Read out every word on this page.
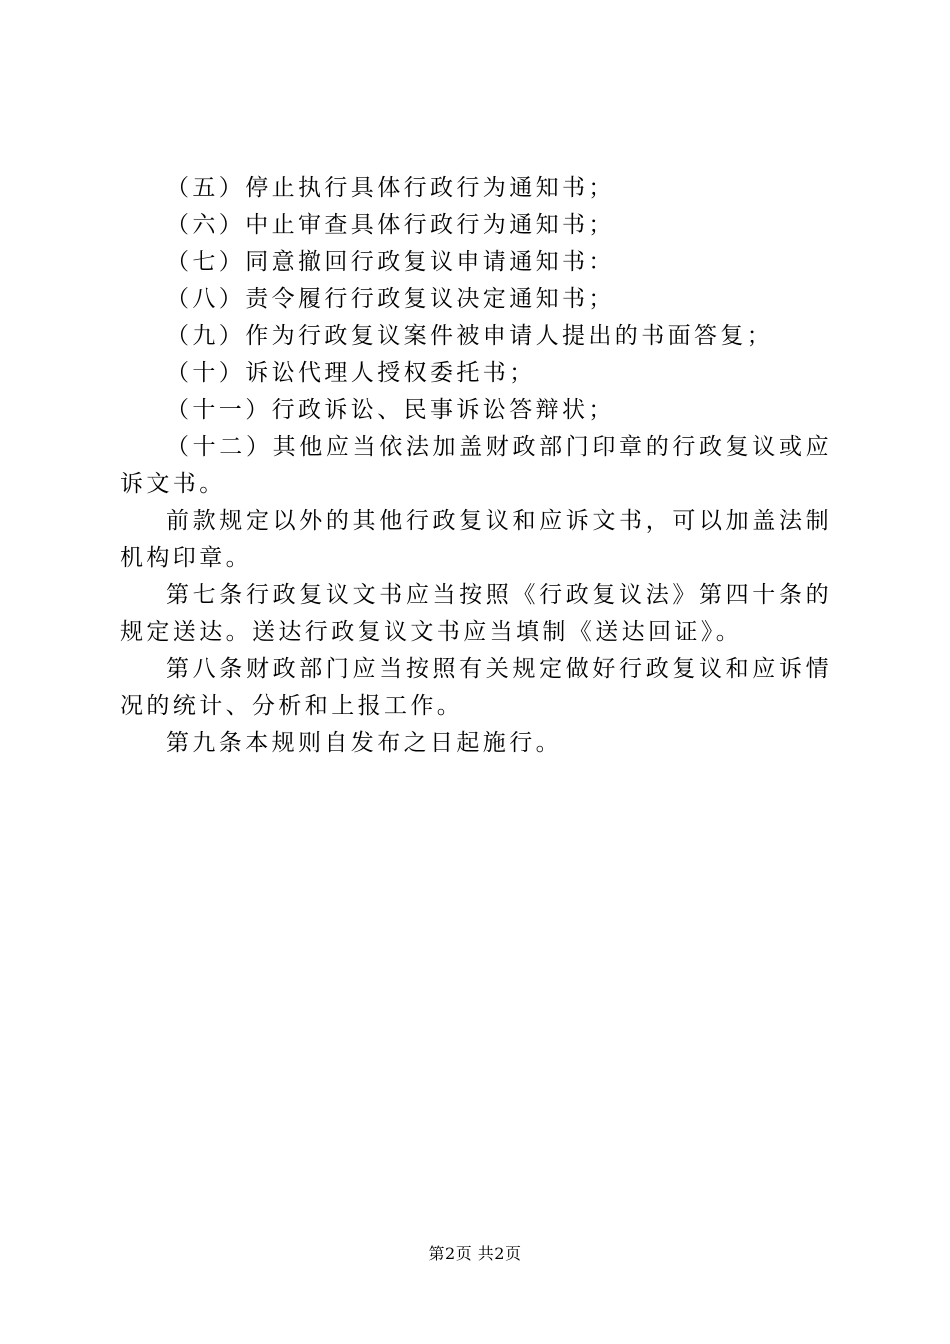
（五）停止执行具体行政行为通知书；

（六）中止审查具体行政行为通知书；

（七）同意撤回行政复议申请通知书：

（八）责令履行行政复议决定通知书；

（九）作为行政复议案件被申请人提出的书面答复；

（十）诉讼代理人授权委托书；

（十一）行政诉讼、民事诉讼答辩状；

（十二）其他应当依法加盖财政部门印章的行政复议或应诉文书。

前款规定以外的其他行政复议和应诉文书，可以加盖法制机构印章。

第七条行政复议文书应当按照《行政复议法》第四十条的规定送达。送达行政复议文书应当填制《送达回证》。

第八条财政部门应当按照有关规定做好行政复议和应诉情况的统计、分析和上报工作。

第九条本规则自发布之日起施行。

第2页 共2页
